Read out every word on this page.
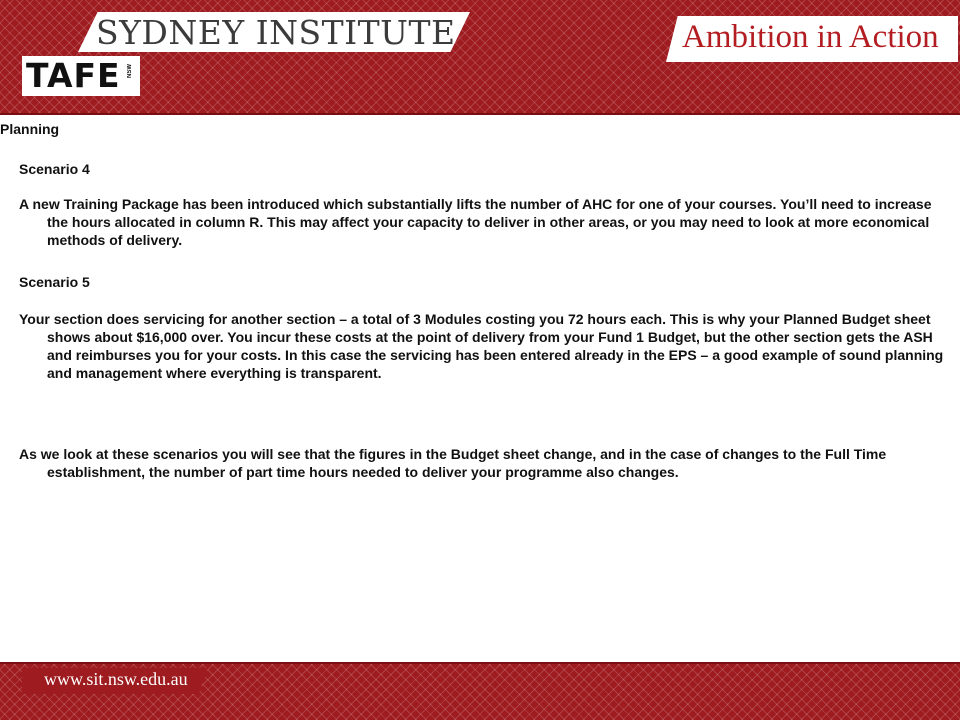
SYDNEY INSTITUTE	Ambition in Action
TAFE	NSW

Planning

Scenario 4

A new Training Package has been introduced which substantially lifts the number of AHC for one of your courses. You’ll need to increase the hours allocated in column R. This may affect your capacity to deliver in other areas, or you may need to look at more economical methods of delivery.

Scenario 5

Your section does servicing for another section – a total of 3 Modules costing you 72 hours each. This is why your Planned Budget sheet shows about $16,000 over. You incur these costs at the point of delivery from your Fund 1 Budget, but the other section gets the ASH and reimburses you for your costs. In this case the servicing has been entered already in the EPS – a good example of sound planning and management where everything is transparent.

As we look at these scenarios you will see that the figures in the Budget sheet change, and in the case of changes to the Full Time establishment, the number of part time hours needed to deliver your programme also changes.

www.sit.nsw.edu.au
